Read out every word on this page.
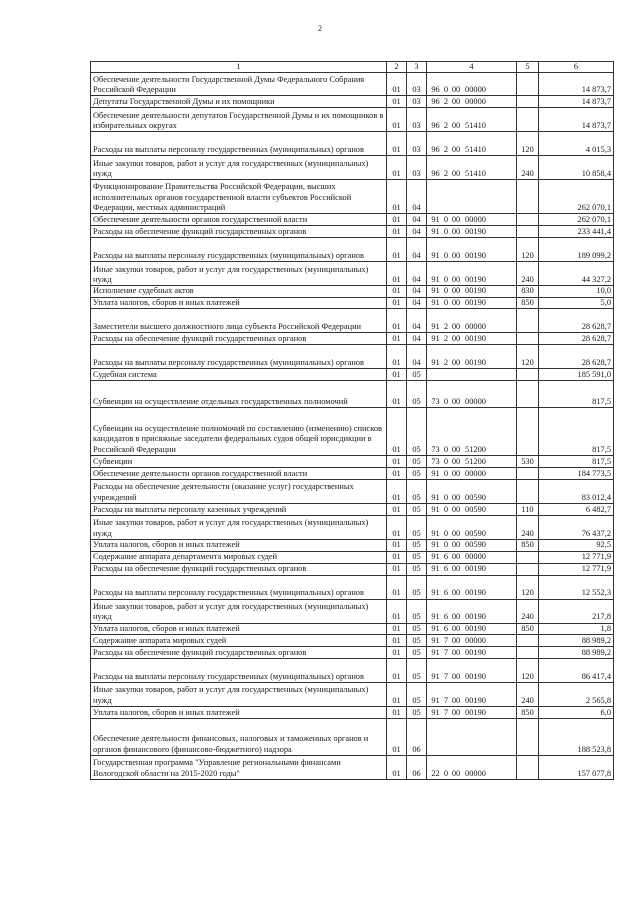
2
1	2	3	4	5	6
Обеспечение деятельности Государственной Думы Федерального Собрания Российской Федерации	01	03	96 0 00 00000		14 873,7
Депутаты Государственной Думы и их помощники	01	03	96 2 00 00000		14 873,7
Обеспечение деятельности депутатов Государственной Думы и их помощников в избирательных округах	01	03	96 2 00 51410		14 873,7
Расходы на выплаты персоналу государственных (муниципальных) органов	01	03	96 2 00 51410	120	4 015,3
Иные закупки товаров, работ и услуг для государственных (муниципальных) нужд	01	03	96 2 00 51410	240	10 858,4
Функционирование Правительства Российской Федерации, высших исполнительных органов государственной власти субъектов Российской Федерации, местных администраций	01	04			262 070,1
Обеспечение деятельности органов государственной власти	01	04	91 0 00 00000		262 070,1
Расходы на обеспечение функций государственных органов	01	04	91 0 00 00190		233 441,4
Расходы на выплаты персоналу государственных (муниципальных) органов	01	04	91 0 00 00190	120	189 099,2
Иные закупки товаров, работ и услуг для государственных (муниципальных) нужд	01	04	91 0 00 00190	240	44 327,2
Исполнение судебных актов	01	04	91 0 00 00190	830	10,0
Уплата налогов, сборов и иных платежей	01	04	91 0 00 00190	850	5,0
Заместители высшего должностного лица субъекта Российской Федерации	01	04	91 2 00 00000		28 628,7
Расходы на обеспечение функций государственных органов	01	04	91 2 00 00190		28 628,7
Расходы на выплаты персоналу государственных (муниципальных) органов	01	04	91 2 00 00190	120	28 628,7
Судебная система	01	05			185 591,0
Субвенции на осуществление отдельных государственных полномочий	01	05	73 0 00 00000		817,5
Субвенции на осуществление полномочий по составлению (изменению) списков кандидатов в присяжные заседатели федеральных судов общей юрисдикции в Российской Федерации	01	05	73 0 00 51200		817,5
Субвенции	01	05	73 0 00 51200	530	817,5
Обеспечение деятельности органов государственной власти	01	05	91 0 00 00000		184 773,5
Расходы на обеспечение деятельности (оказание услуг) государственных учреждений	01	05	91 0 00 00590		83 012,4
Расходы на выплаты персоналу казенных учреждений	01	05	91 0 00 00590	110	6 482,7
Иные закупки товаров, работ и услуг для государственных (муниципальных) нужд	01	05	91 0 00 00590	240	76 437,2
Уплата налогов, сборов и иных платежей	01	05	91 0 00 00590	850	92,5
Содержание аппарата департамента мировых судей	01	05	91 6 00 00000		12 771,9
Расходы на обеспечение функций государственных органов	01	05	91 6 00 00190		12 771,9
Расходы на выплаты персоналу государственных (муниципальных) органов	01	05	91 6 00 00190	120	12 552,3
Иные закупки товаров, работ и услуг для государственных (муниципальных) нужд	01	05	91 6 00 00190	240	217,8
Уплата налогов, сборов и иных платежей	01	05	91 6 00 00190	850	1,8
Содержание аппарата мировых судей	01	05	91 7 00 00000		88 989,2
Расходы на обеспечение функций государственных органов	01	05	91 7 00 00190		88 989,2
Расходы на выплаты персоналу государственных (муниципальных) органов	01	05	91 7 00 00190	120	86 417,4
Иные закупки товаров, работ и услуг для государственных (муниципальных) нужд	01	05	91 7 00 00190	240	2 565,8
Уплата налогов, сборов и иных платежей	01	05	91 7 00 00190	850	6,0
Обеспечение деятельности финансовых, налоговых и таможенных органов и органов финансового (финансово-бюджетного) надзора	01	06			188 523,8
Государственная программа "Управление региональными финансами Вологодской области на 2015-2020 годы"	01	06	22 0 00 00000		157 077,8
